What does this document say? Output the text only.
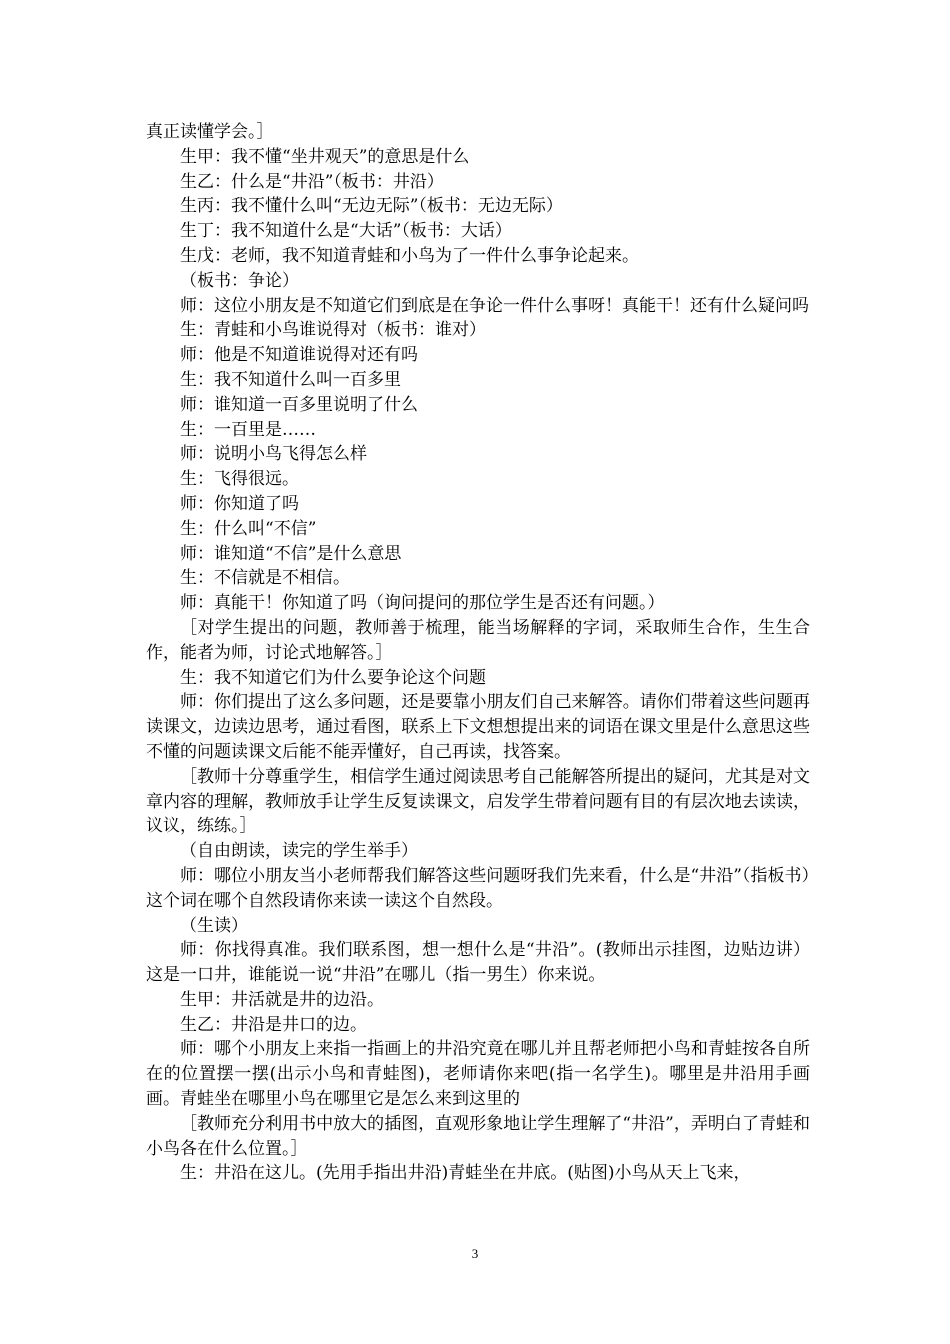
真正读懂学会。］

生甲：我不懂“坐井观天”的意思是什么

生乙：什么是“井沿”（板书：井沿）

生丙：我不懂什么叫“无边无际”（板书：无边无际）

生丁：我不知道什么是“大话”（板书：大话）

生戊：老师，我不知道青蛙和小鸟为了一件什么事争论起来。

（板书：争论）

师：这位小朋友是不知道它们到底是在争论一件什么事呀！真能干！还有什么疑问吗

生：青蛙和小鸟谁说得对（板书：谁对）

师：他是不知道谁说得对还有吗

生：我不知道什么叫一百多里

师：谁知道一百多里说明了什么

生：一百里是……

师：说明小鸟飞得怎么样

生：飞得很远。

师：你知道了吗

生：什么叫“不信”

师：谁知道“不信”是什么意思

生：不信就是不相信。

师：真能干！你知道了吗（询问提问的那位学生是否还有问题。）

［对学生提出的问题，教师善于梳理，能当场解释的字词，采取师生合作，生生合作，能者为师，讨论式地解答。］

生：我不知道它们为什么要争论这个问题

师：你们提出了这么多问题，还是要靠小朋友们自己来解答。请你们带着这些问题再读课文，边读边思考，通过看图，联系上下文想想提出来的词语在课文里是什么意思这些不懂的问题读课文后能不能弄懂好，自己再读，找答案。

［教师十分尊重学生，相信学生通过阅读思考自己能解答所提出的疑问，尤其是对文章内容的理解，教师放手让学生反复读课文，启发学生带着问题有目的有层次地去读读，议议，练练。］

（自由朗读，读完的学生举手）

师：哪位小朋友当小老师帮我们解答这些问题呀我们先来看，什么是“井沿”（指板书）这个词在哪个自然段请你来读一读这个自然段。

（生读）

师：你找得真准。我们联系图，想一想什么是“井沿”。(教师出示挂图，边贴边讲）这是一口井，谁能说一说“井沿”在哪儿（指一男生）你来说。

生甲：井活就是井的边沿。

生乙：井沿是井口的边。

师：哪个小朋友上来指一指画上的井沿究竟在哪儿并且帮老师把小鸟和青蛙按各自所在的位置摆一摆(出示小鸟和青蛙图)，老师请你来吧(指一名学生)。哪里是井沿用手画画。青蛙坐在哪里小鸟在哪里它是怎么来到这里的

［教师充分利用书中放大的插图，直观形象地让学生理解了“井沿”，弄明白了青蛙和小鸟各在什么位置。］

生：井沿在这儿。(先用手指出井沿)青蛙坐在井底。(贴图)小鸟从天上飞来，

3
